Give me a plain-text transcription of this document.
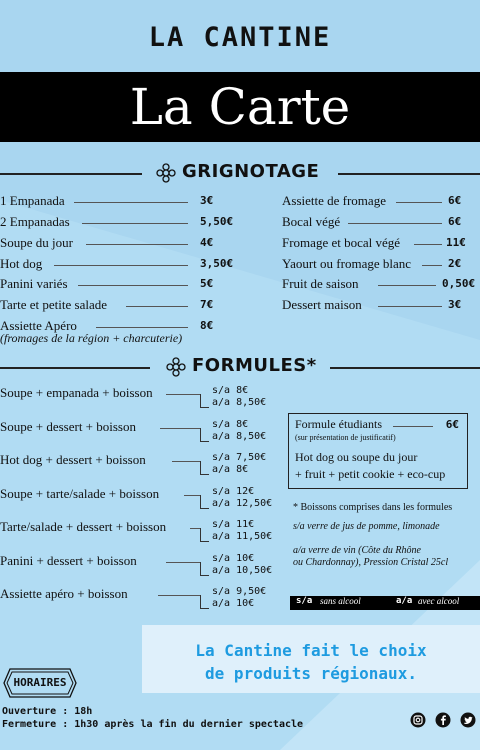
LA CANTINE
La Carte
GRIGNOTAGE
1 Empanada	3€
2 Empanadas	5,50€
Soupe du jour	4€
Hot dog	3,50€
Panini variés	5€
Tarte et petite salade	7€
Assiette Apéro	8€
(fromages de la région + charcuterie)
Assiette de fromage	6€
Bocal végé	6€
Fromage et bocal végé	11€
Yaourt ou fromage blanc	2€
Fruit de saison	0,50€
Dessert maison	3€
FORMULES*
Soupe + empanada + boisson	s/a 8€
a/a 8,50€
Soupe + dessert + boisson	s/a 8€
a/a 8,50€
Hot dog + dessert + boisson	s/a 7,50€
a/a 8€
Soupe + tarte/salade + boisson	s/a 12€
a/a 12,50€
Tarte/salade + dessert + boisson	s/a 11€
a/a 11,50€
Panini + dessert + boisson	s/a 10€
a/a 10,50€
Assiette apéro + boisson	s/a 9,50€
a/a 10€
Formule étudiants	6€
(sur présentation de justificatif)
Hot dog ou soupe du jour
+ fruit + petit cookie + eco-cup
* Boissons comprises dans les formules
s/a verre de jus de pomme, limonade
a/a verre de vin (Côte du Rhône
ou Chardonnay), Pression Cristal 25cl
s/a sans alcool	a/a avec alcool
La Cantine fait le choix
de produits régionaux.
HORAIRES
Ouverture : 18h
Fermeture : 1h30 après la fin du dernier spectacle
